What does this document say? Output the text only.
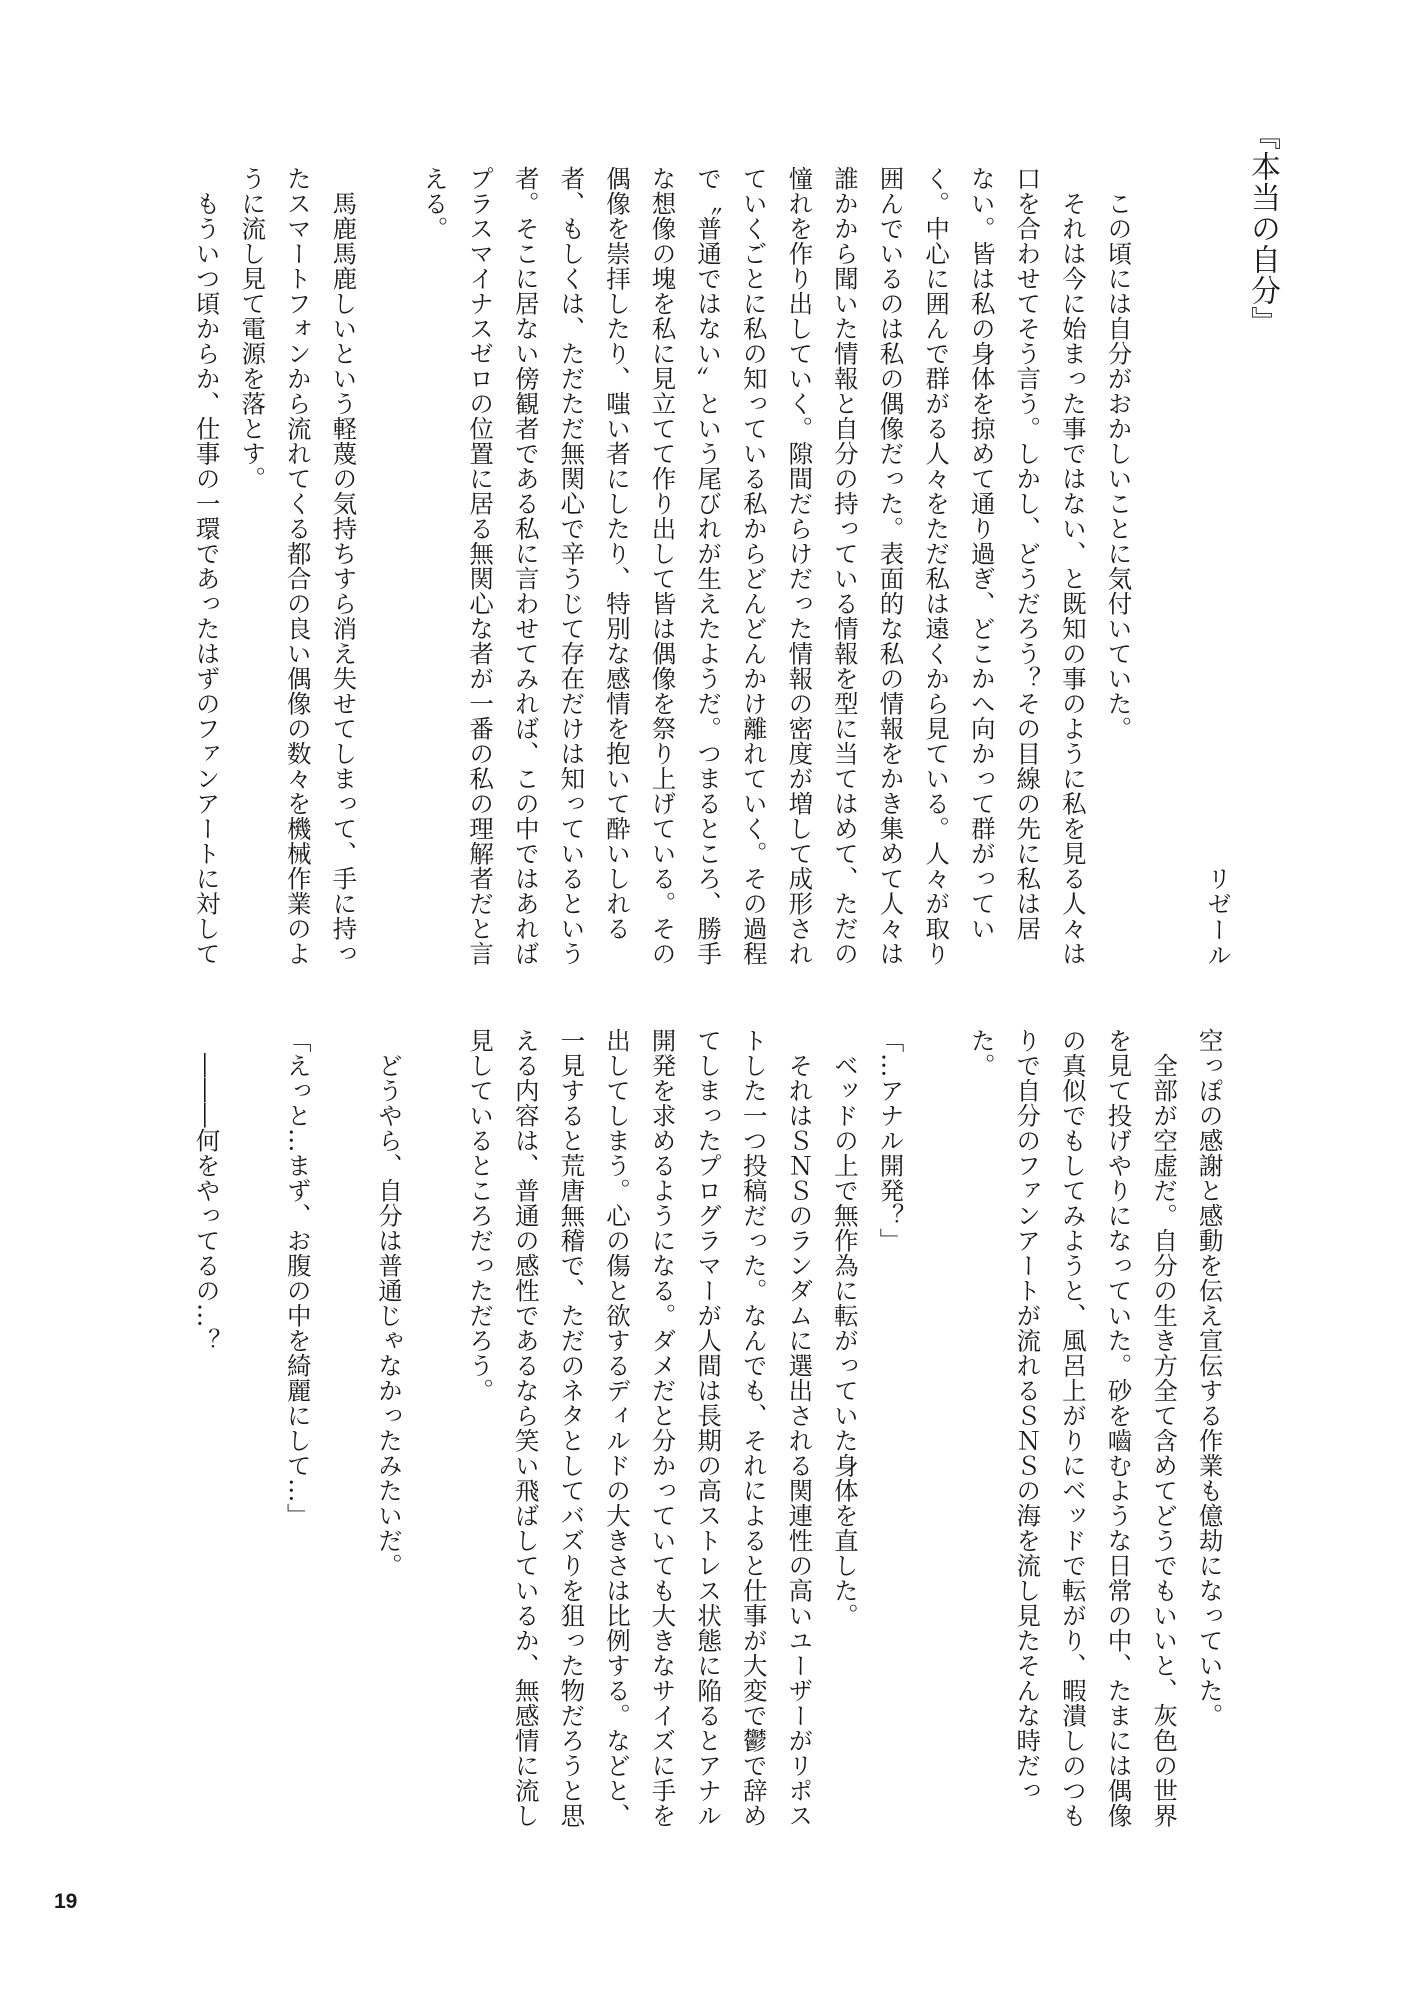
『本当の自分』
リゼール

この頃には自分がおかしいことに気付いていた。

それは今に始まった事ではない、と既知の事のように私を見る人々は

口を合わせてそう言う。しかし、どうだろう？その目線の先に私は居

ない。皆は私の身体を掠めて通り過ぎ、どこかへ向かって群がってい

く。中心に囲んで群がる人々をただ私は遠くから見ている。人々が取り

囲んでいるのは私の偶像だった。表面的な私の情報をかき集めて人々は

誰かから聞いた情報と自分の持っている情報を型に当てはめて、ただの

憧れを作り出していく。隙間だらけだった情報の密度が増して成形され

ていくごとに私の知っている私からどんどんかけ離れていく。その過程

で〝普通ではない〟という尾びれが生えたようだ。つまるところ、勝手

な想像の塊を私に見立てて作り出して皆は偶像を祭り上げている。その

偶像を崇拝したり、嗤い者にしたり、特別な感情を抱いて酔いしれる

者、もしくは、ただただ無関心で辛うじて存在だけは知っているという

者。そこに居ない傍観者である私に言わせてみれば、この中ではあれば

プラスマイナスゼロの位置に居る無関心な者が一番の私の理解者だと言

える。

馬鹿馬鹿しいという軽蔑の気持ちすら消え失せてしまって、手に持っ

たスマートフォンから流れてくる都合の良い偶像の数々を機械作業のよ

うに流し見て電源を落とす。

もういつ頃からか、仕事の一環であったはずのファンアートに対して

空っぽの感謝と感動を伝え宣伝する作業も億劫になっていた。

全部が空虚だ。自分の生き方全て含めてどうでもいいと、灰色の世界

を見て投げやりになっていた。砂を嚙むような日常の中、たまには偶像

の真似でもしてみようと、風呂上がりにベッドで転がり、暇潰しのつも

りで自分のファンアートが流れるＳＮＳの海を流し見たそんな時だっ

た。

「…アナル開発？」

ベッドの上で無作為に転がっていた身体を直した。

それはＳＮＳのランダムに選出される関連性の高いユーザーがリポス

トした一つ投稿だった。なんでも、それによると仕事が大変で鬱で辞め

てしまったプログラマーが人間は長期の高ストレス状態に陥るとアナル

開発を求めるようになる。ダメだと分かっていても大きなサイズに手を

出してしまう。心の傷と欲するディルドの大きさは比例する。などと、

一見すると荒唐無稽で、ただのネタとしてバズりを狙った物だろうと思

える内容は、普通の感性であるなら笑い飛ばしているか、無感情に流し

見しているところだっただろう。

どうやら、自分は普通じゃなかったみたいだ。

「えっと…まず、お腹の中を綺麗にして…」

―――何をやってるの…？

19
